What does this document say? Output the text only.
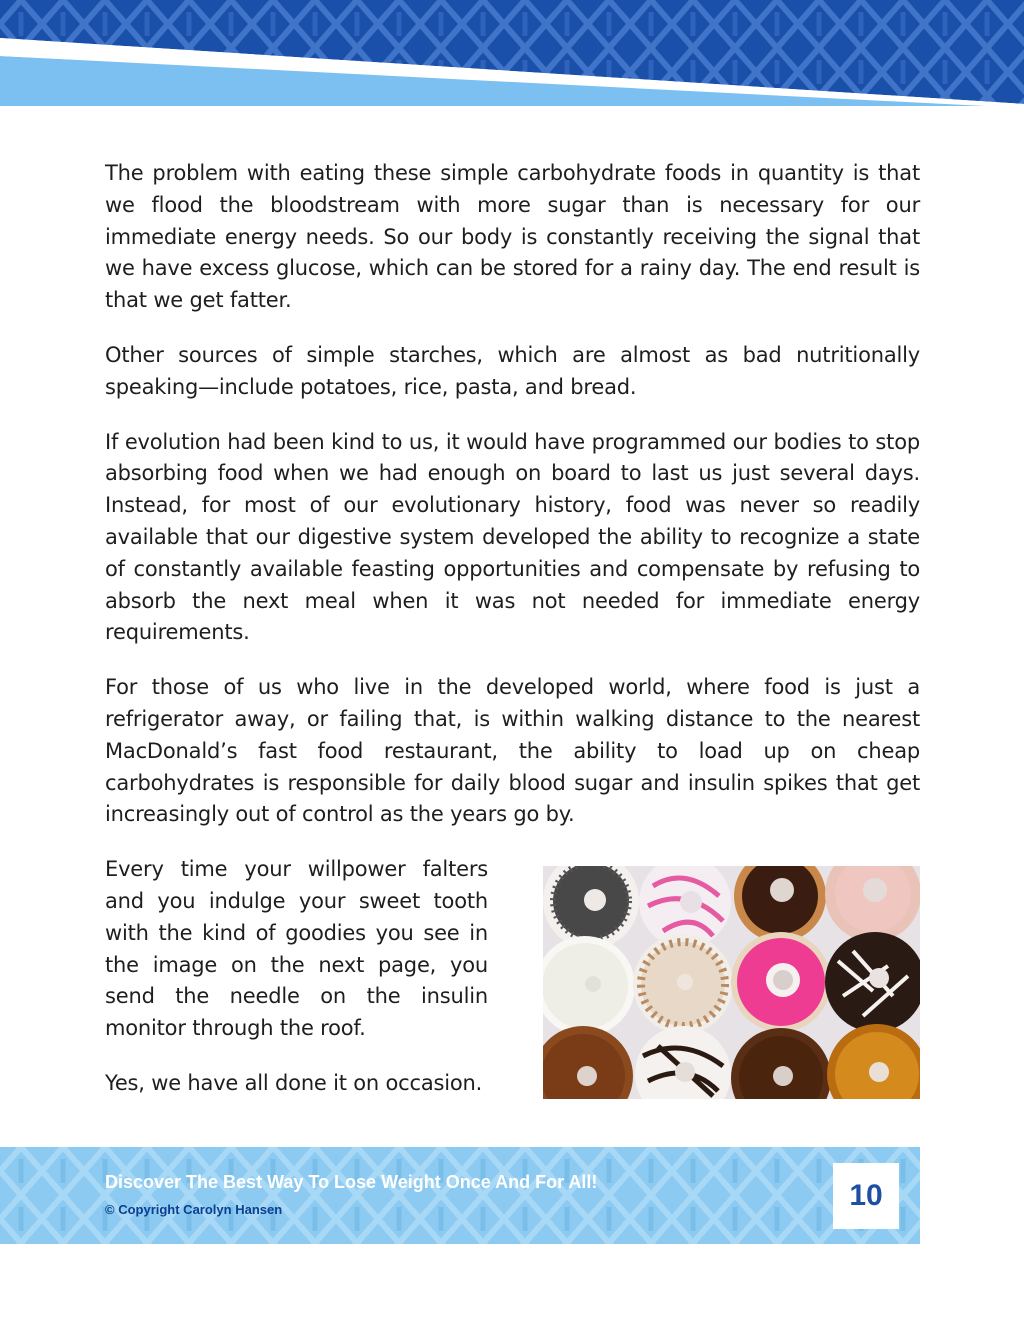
The problem with eating these simple carbohydrate foods in quantity is that we flood the bloodstream with more sugar than is necessary for our immediate energy needs. So our body is constantly receiving the signal that we have excess glucose, which can be stored for a rainy day. The end result is that we get fatter.

Other sources of simple starches, which are almost as bad nutritionally speaking—include potatoes, rice, pasta, and bread.

If evolution had been kind to us, it would have programmed our bodies to stop absorbing food when we had enough on board to last us just several days. Instead, for most of our evolutionary history, food was never so readily available that our digestive system developed the ability to recognize a state of constantly available feasting opportunities and compensate by refusing to absorb the next meal when it was not needed for immediate energy requirements.

For those of us who live in the developed world, where food is just a refrigerator away, or failing that, is within walking distance to the nearest MacDonald’s fast food restaurant, the ability to load up on cheap carbohydrates is responsible for daily blood sugar and insulin spikes that get increasingly out of control as the years go by.

Every time your willpower falters and you indulge your sweet tooth with the kind of goodies you see in the image on the next page, you send the needle on the insulin monitor through the roof.

Yes, we have all done it on occasion.

Discover The Best Way To Lose Weight Once And For All!
© Copyright Carolyn Hansen	10
